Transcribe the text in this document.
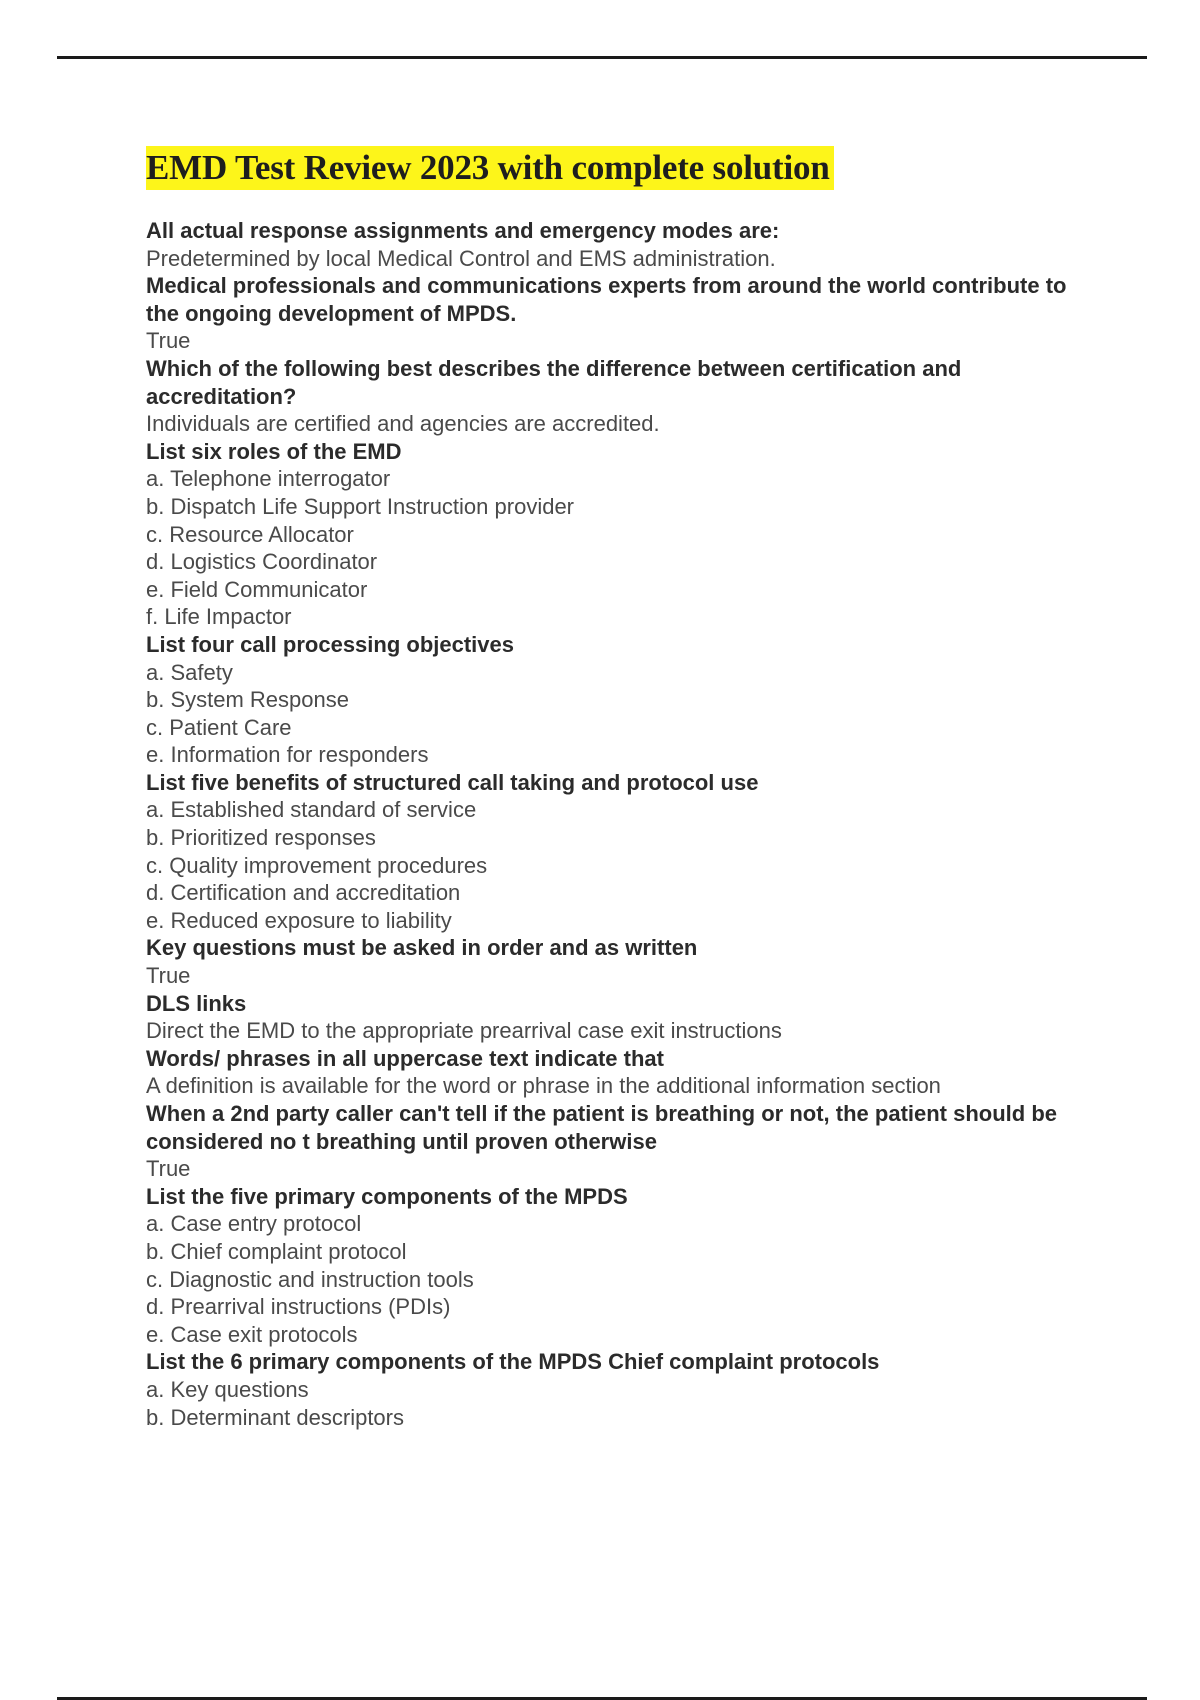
EMD Test Review 2023 with complete solution
All actual response assignments and emergency modes are:
Predetermined by local Medical Control and EMS administration.
Medical professionals and communications experts from around the world contribute to the ongoing development of MPDS.
True
Which of the following best describes the difference between certification and accreditation?
Individuals are certified and agencies are accredited.
List six roles of the EMD
a. Telephone interrogator
b. Dispatch Life Support Instruction provider
c. Resource Allocator
d. Logistics Coordinator
e. Field Communicator
f. Life Impactor
List four call processing objectives
a. Safety
b. System Response
c. Patient Care
e. Information for responders
List five benefits of structured call taking and protocol use
a. Established standard of service
b. Prioritized responses
c. Quality improvement procedures
d. Certification and accreditation
e. Reduced exposure to liability
Key questions must be asked in order and as written
True
DLS links
Direct the EMD to the appropriate prearrival case exit instructions
Words/ phrases in all uppercase text indicate that
A definition is available for the word or phrase in the additional information section
When a 2nd party caller can't tell if the patient is breathing or not, the patient should be considered no t breathing until proven otherwise
True
List the five primary components of the MPDS
a. Case entry protocol
b. Chief complaint protocol
c. Diagnostic and instruction tools
d. Prearrival instructions (PDIs)
e. Case exit protocols
List the 6 primary components of the MPDS Chief complaint protocols
a. Key questions
b. Determinant descriptors
